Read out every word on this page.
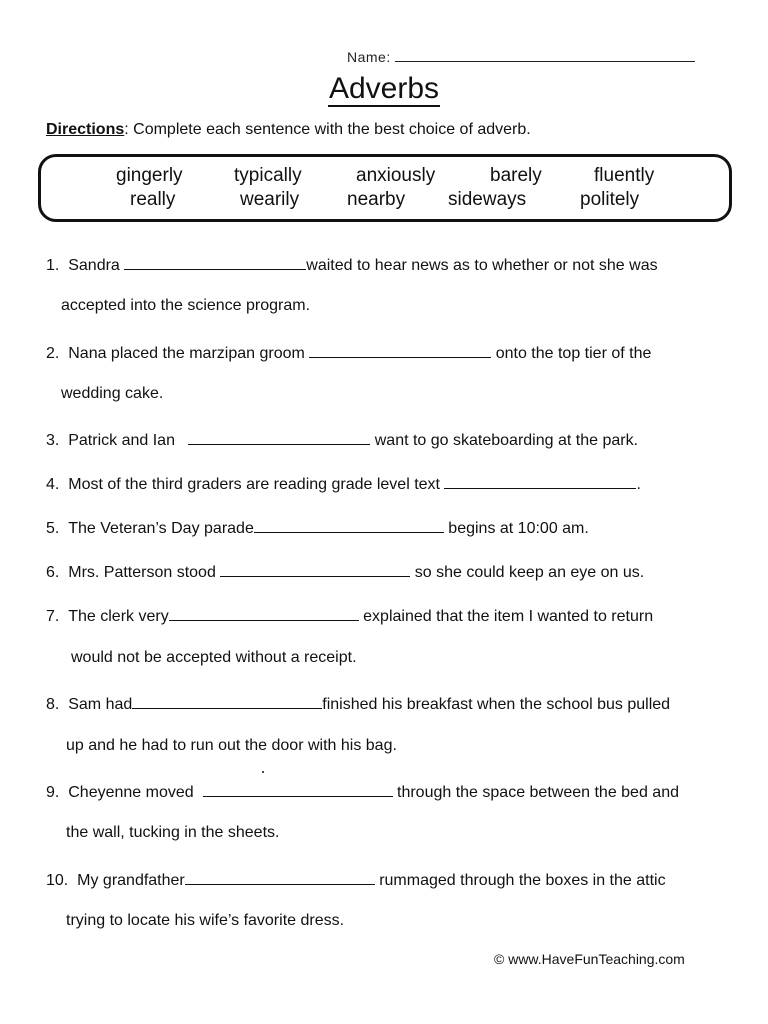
Name:
Adverbs
Directions: Complete each sentence with the best choice of adverb.
gingerly	typically	anxiously	barely	fluently
really	wearily	nearby sideways	politely
1. Sandra	waited to hear news as to whether or not she was
accepted into the science program.
2. Nana placed the marzipan groom	onto the top tier of the
wedding cake.
3. Patrick and Ian	want to go skateboarding at the park.
4. Most of the third graders are reading grade level text	.
5. The Veteran’s Day parade	begins at 10:00 am.
6. Mrs. Patterson stood	so she could keep an eye on us.
7. The clerk very	explained that the item I wanted to return
would not be accepted without a receipt.
8. Sam had	finished his breakfast when the school bus pulled
up and he had to run out the door with his bag.
9. Cheyenne moved	through the space between the bed and
the wall, tucking in the sheets.
10. My grandfather	rummaged through the boxes in the attic
trying to locate his wife’s favorite dress.
© www.HaveFunTeaching.com
